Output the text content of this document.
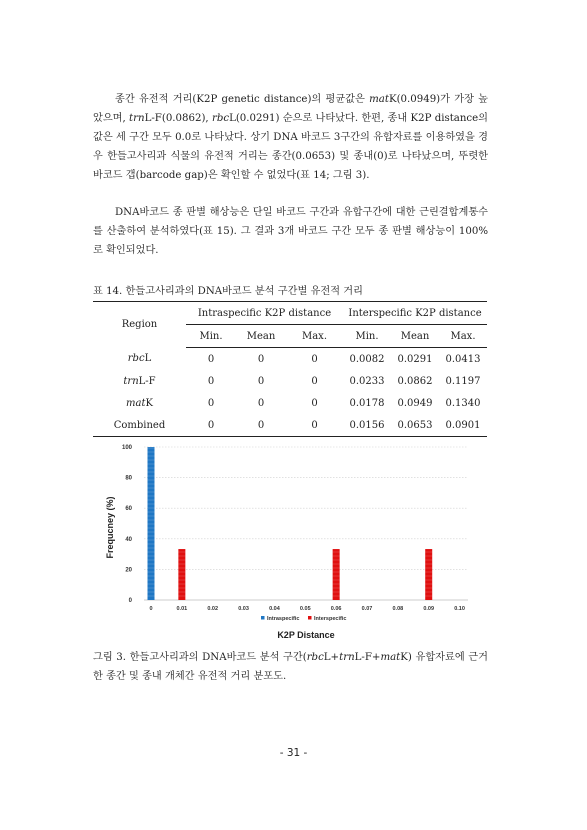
종간 유전적 거리(K2P genetic distance)의 평균값은 matK(0.0949)가 가장 높았으며, trnL-F(0.0862), rbcL(0.0291) 순으로 나타났다. 한편, 종내 K2P distance의 값은 세 구간 모두 0.0로 나타났다. 상기 DNA 바코드 3구간의 유합자료를 이용하였을 경우 한들고사리과 식물의 유전적 거리는 종간(0.0653) 및 종내(0)로 나타났으며, 뚜렷한 바코드 갭(barcode gap)은 확인할 수 없었다(표 14; 그림 3).

DNA바코드 종 판별 해상능은 단일 바코드 구간과 유합구간에 대한 근린결합계통수를 산출하여 분석하였다(표 15). 그 결과 3개 바코드 구간 모두 종 판별 해상능이 100%로 확인되었다.

표 14. 한들고사리과의 DNA바코드 분석 구간별 유전적 거리

Region	Intraspecific K2P distance			Interspecific K2P distance		
	Min.	Mean	Max.	Min.	Mean	Max.
rbcL	0	0	0	0.0082	0.0291	0.0413
trnL-F	0	0	0	0.0233	0.0862	0.1197
matK	0	0	0	0.0178	0.0949	0.1340
Combined	0	0	0	0.0156	0.0653	0.0901
0
20
40
60
80
100
0	0.01	0.02	0.03	0.04	0.05	0.06	0.07	0.08	0.09	0.10
Intraspecific	Interspecific
K2P Distance
Frequcney (%)

그림 3. 한들고사리과의 DNA바코드 분석 구간(rbcL+trnL-F+matK) 유합자료에 근거한 종간 및 종내 개체간 유전적 거리 분포도.

- 31 -
